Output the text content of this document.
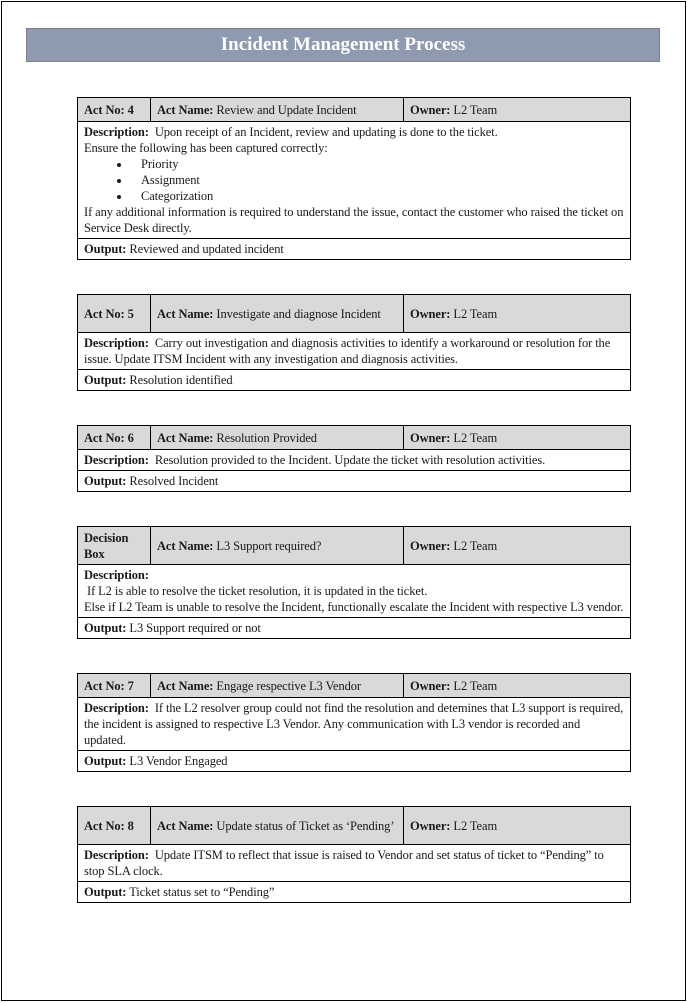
Incident Management Process
Act No: 4	Act Name: Review and Update Incident	Owner: L2 Team

Description: Upon receipt of an Incident, review and updating is done to the ticket.
Ensure the following has been captured correctly:
• Priority
• Assignment
• Categorization
If any additional information is required to understand the issue, contact the customer who raised the ticket on Service Desk directly.

Output: Reviewed and updated incident
Act No: 5	Act Name: Investigate and diagnose Incident	Owner: L2 Team
Description: Carry out investigation and diagnosis activities to identify a workaround or resolution for the issue. Update ITSM Incident with any investigation and diagnosis activities.
Output: Resolution identified
Act No: 6	Act Name: Resolution Provided	Owner: L2 Team
Description: Resolution provided to the Incident. Update the ticket with resolution activities.
Output: Resolved Incident
Decision Box	Act Name: L3 Support required?	Owner: L2 Team

Description:
If L2 is able to resolve the ticket resolution, it is updated in the ticket.
Else if L2 Team is unable to resolve the Incident, functionally escalate the Incident with respective L3 vendor.

Output: L3 Support required or not
Act No: 7	Act Name: Engage respective L3 Vendor	Owner: L2 Team
Description: If the L2 resolver group could not find the resolution and detemines that L3 support is required, the incident is assigned to respective L3 Vendor. Any communication with L3 vendor is recorded and updated.
Output: L3 Vendor Engaged
Act No: 8	Act Name: Update status of Ticket as ‘Pending’	Owner: L2 Team
Description: Update ITSM to reflect that issue is raised to Vendor and set status of ticket to “Pending” to stop SLA clock.
Output: Ticket status set to “Pending”
